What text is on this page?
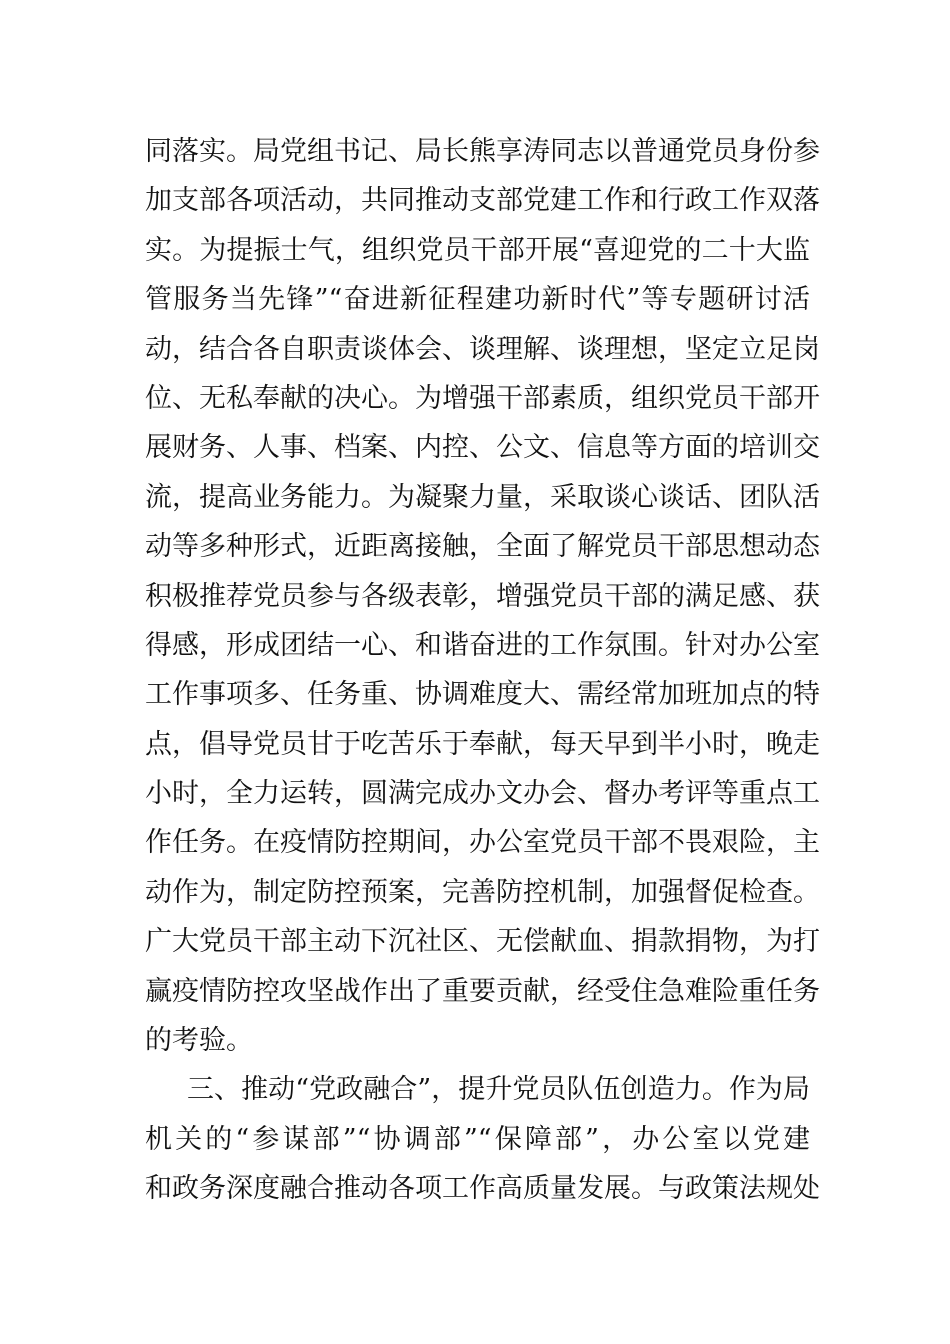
同落实。局党组书记、局长熊享涛同志以普通党员身份参
加支部各项活动，共同推动支部党建工作和行政工作双落
实。为提振士气，组织党员干部开展“喜迎党的二十大监
管服务当先锋”“奋进新征程建功新时代”等专题研讨活
动，结合各自职责谈体会、谈理解、谈理想，坚定立足岗
位、无私奉献的决心。为增强干部素质，组织党员干部开
展财务、人事、档案、内控、公文、信息等方面的培训交
流，提高业务能力。为凝聚力量，采取谈心谈话、团队活
动等多种形式，近距离接触，全面了解党员干部思想动态
积极推荐党员参与各级表彰，增强党员干部的满足感、获
得感，形成团结一心、和谐奋进的工作氛围。针对办公室
工作事项多、任务重、协调难度大、需经常加班加点的特
点，倡导党员甘于吃苦乐于奉献，每天早到半小时，晚走
小时，全力运转，圆满完成办文办会、督办考评等重点工
作任务。在疫情防控期间，办公室党员干部不畏艰险，主
动作为，制定防控预案，完善防控机制，加强督促检查。
广大党员干部主动下沉社区、无偿献血、捐款捐物，为打
赢疫情防控攻坚战作出了重要贡献，经受住急难险重任务
的考验。
三、推动“党政融合”，提升党员队伍创造力。作为局
机关的“参谋部”“协调部”“保障部”，办公室以党建
和政务深度融合推动各项工作高质量发展。与政策法规处
